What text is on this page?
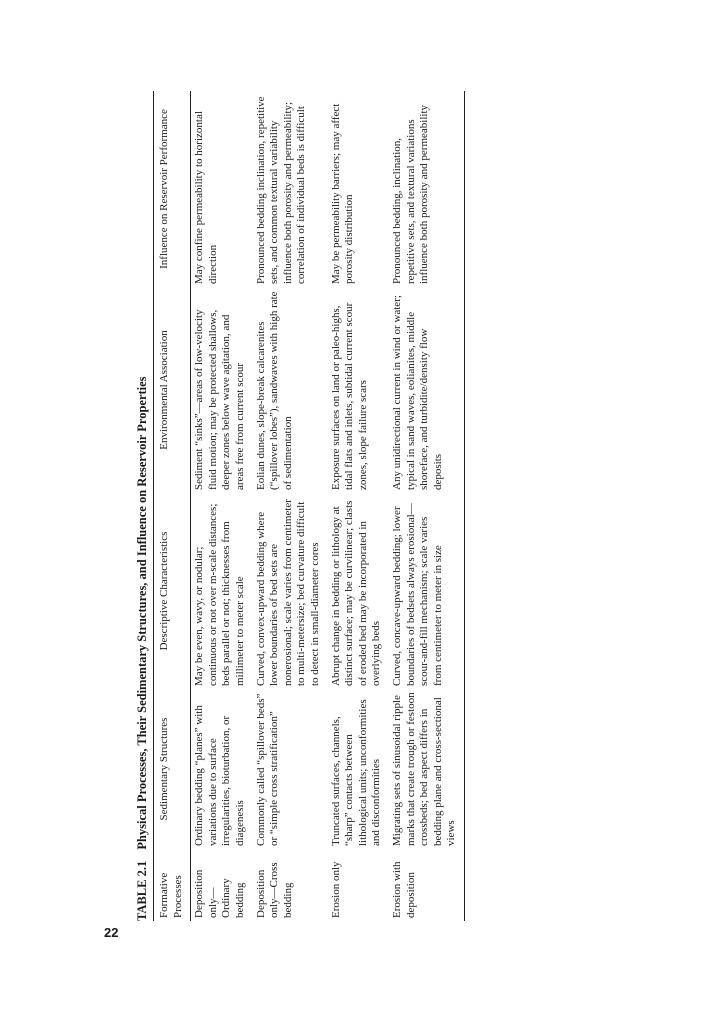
22
TABLE 2.1 Physical Processes, Their Sedimentary Structures, and Influence on Reservoir Properties
Formative Processes	Sedimentary Structures	Descriptive Characteristics	Environmental Association	Influence on Reservoir Performance
Deposition only—Ordinary bedding	Ordinary bedding “planes” with variations due to surface irregularities, bioturbation, or diagenesis	May be even, wavy, or nodular; continuous or not over m-scale distances; beds parallel or not; thicknesses from millimeter to meter scale	Sediment “sinks”—areas of low-velocity fluid motion; may be protected shallows, deeper zones below wave agitation, and areas free from current scour	May confine permeability to horizontal direction
Deposition only—Cross bedding	Commonly called “spillover beds” or “simple cross stratification”	Curved, convex-upward bedding where lower boundaries of bed sets are nonerosional; scale varies from centimeter to multi-metersize; bed curvature difficult to detect in small-diameter cores	Eolian dunes, slope-break calcarenites (“spillover lobes”), sandwaves with high rate of sedimentation	Pronounced bedding inclination, repetitive sets, and common textural variability influence both porosity and permeability; correlation of individual beds is difficult
Erosion only	Truncated surfaces, channels, “sharp” contacts between lithological units; unconformities and disconformities	Abrupt change in bedding or lithology at distinct surface; may be curvilinear; clasts of eroded bed may be incorporated in overlying beds	Exposure surfaces on land or paleo-highs, tidal flats and inlets, subtidal current scour zones, slope failure scars	May be permeability barriers; may affect porosity distribution
Erosion with deposition	Migrating sets of sinusoidal ripple marks that create trough or festoon crossbeds; bed aspect differs in bedding plane and cross-sectional views	Curved, concave-upward bedding; lower boundaries of bedsets always erosional—scour-and-fill mechanism; scale varies from centimeter to meter in size	Any unidirectional current in wind or water; typical in sand waves, eolianites, middle shoreface, and turbidite/density flow deposits	Pronounced bedding, inclination, repetitive sets, and textural variations influence both porosity and permeability
